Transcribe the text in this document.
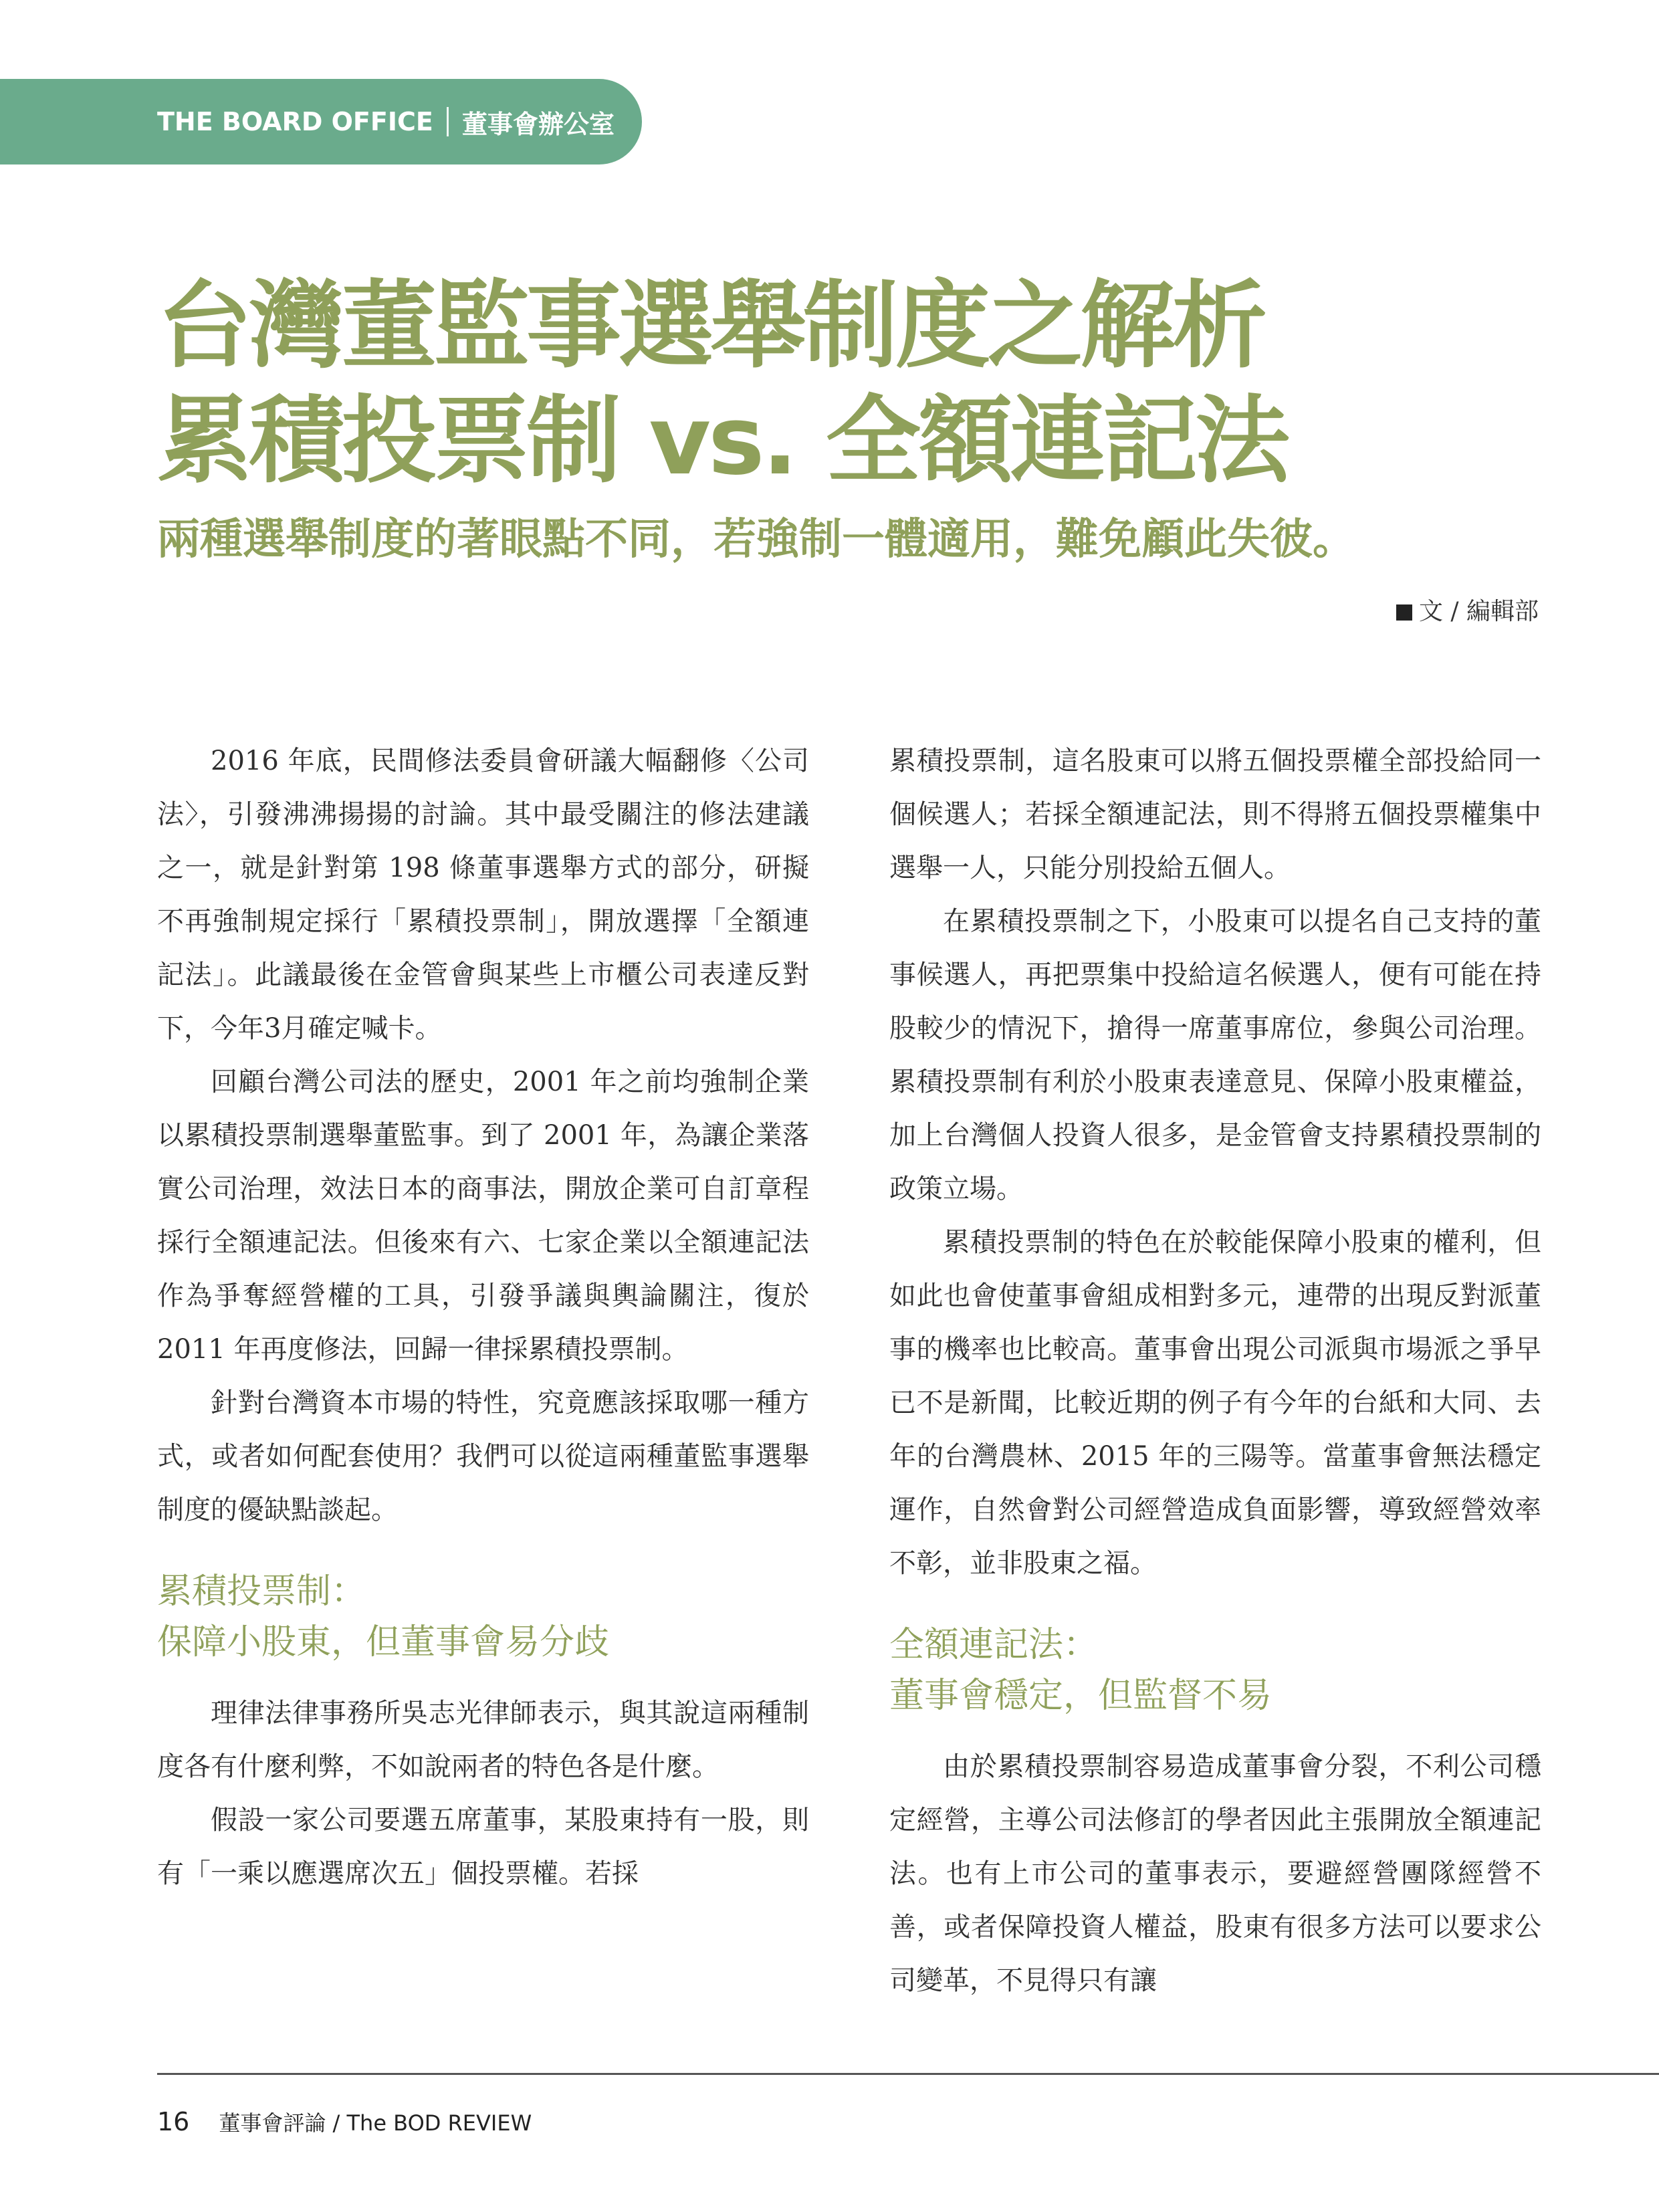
THE BOARD OFFICE 董事會辦公室
台灣董監事選舉制度之解析
累積投票制 vs. 全額連記法

兩種選舉制度的著眼點不同，若強制一體適用，難免顧此失彼。

文 / 編輯部

2016 年底，民間修法委員會研議大幅翻修〈公司法〉，引發沸沸揚揚的討論。其中最受關注的修法建議之一，就是針對第 198 條董事選舉方式的部分，研擬不再強制規定採行「累積投票制」，開放選擇「全額連記法」。此議最後在金管會與某些上市櫃公司表達反對下，今年3月確定喊卡。

回顧台灣公司法的歷史，2001 年之前均強制企業以累積投票制選舉董監事。到了 2001 年，為讓企業落實公司治理，效法日本的商事法，開放企業可自訂章程採行全額連記法。但後來有六、七家企業以全額連記法作為爭奪經營權的工具，引發爭議與輿論關注，復於 2011 年再度修法，回歸一律採累積投票制。

針對台灣資本市場的特性，究竟應該採取哪一種方式，或者如何配套使用？我們可以從這兩種董監事選舉制度的優缺點談起。

累積投票制：
保障小股東，但董事會易分歧

理律法律事務所吳志光律師表示，與其說這兩種制度各有什麼利弊，不如說兩者的特色各是什麼。

假設一家公司要選五席董事，某股東持有一股，則有「一乘以應選席次五」個投票權。若採

累積投票制，這名股東可以將五個投票權全部投給同一個候選人；若採全額連記法，則不得將五個投票權集中選舉一人，只能分別投給五個人。

在累積投票制之下，小股東可以提名自己支持的董事候選人，再把票集中投給這名候選人，便有可能在持股較少的情況下，搶得一席董事席位，參與公司治理。累積投票制有利於小股東表達意見、保障小股東權益，加上台灣個人投資人很多，是金管會支持累積投票制的政策立場。

累積投票制的特色在於較能保障小股東的權利，但如此也會使董事會組成相對多元，連帶的出現反對派董事的機率也比較高。董事會出現公司派與市場派之爭早已不是新聞，比較近期的例子有今年的台紙和大同、去年的台灣農林、2015 年的三陽等。當董事會無法穩定運作，自然會對公司經營造成負面影響，導致經營效率不彰，並非股東之福。

全額連記法：
董事會穩定，但監督不易

由於累積投票制容易造成董事會分裂，不利公司穩定經營，主導公司法修訂的學者因此主張開放全額連記法。也有上市公司的董事表示，要避經營團隊經營不善，或者保障投資人權益，股東有很多方法可以要求公司變革，不見得只有讓

16 董事會評論 / The BOD REVIEW
